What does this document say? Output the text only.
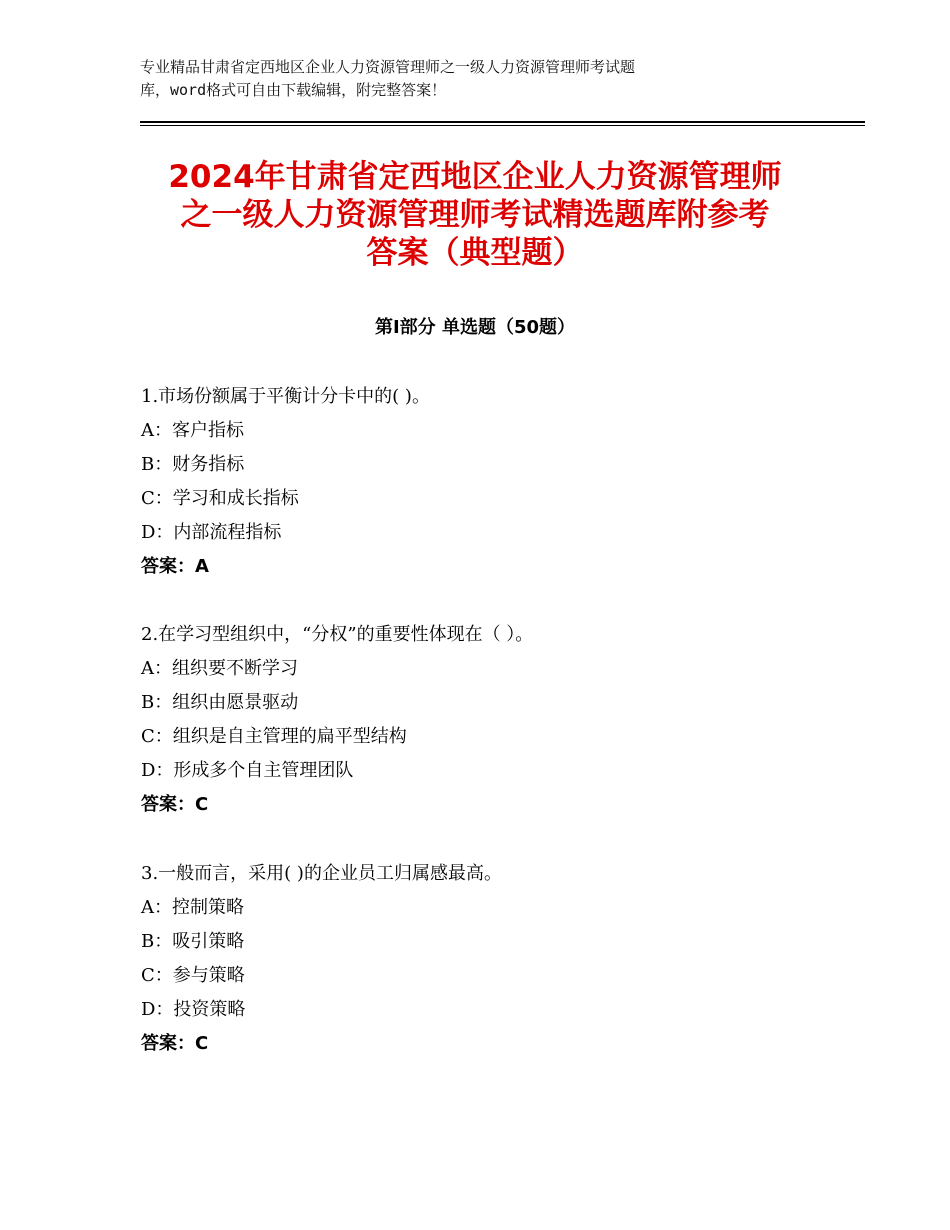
专业精品甘肃省定西地区企业人力资源管理师之一级人力资源管理师考试题
库，word格式可自由下载编辑，附完整答案！
2024年甘肃省定西地区企业人力资源管理师
之一级人力资源管理师考试精选题库附参考
答案（典型题）
第Ⅰ部分 单选题（50题）
1.市场份额属于平衡计分卡中的( )。
A：客户指标
B：财务指标
C：学习和成长指标
D：内部流程指标
答案：A
2.在学习型组织中，“分权”的重要性体现在（ ）。
A：组织要不断学习
B：组织由愿景驱动
C：组织是自主管理的扁平型结构
D：形成多个自主管理团队
答案：C
3.一般而言，采用( )的企业员工归属感最高。
A：控制策略
B：吸引策略
C：参与策略
D：投资策略
答案：C
